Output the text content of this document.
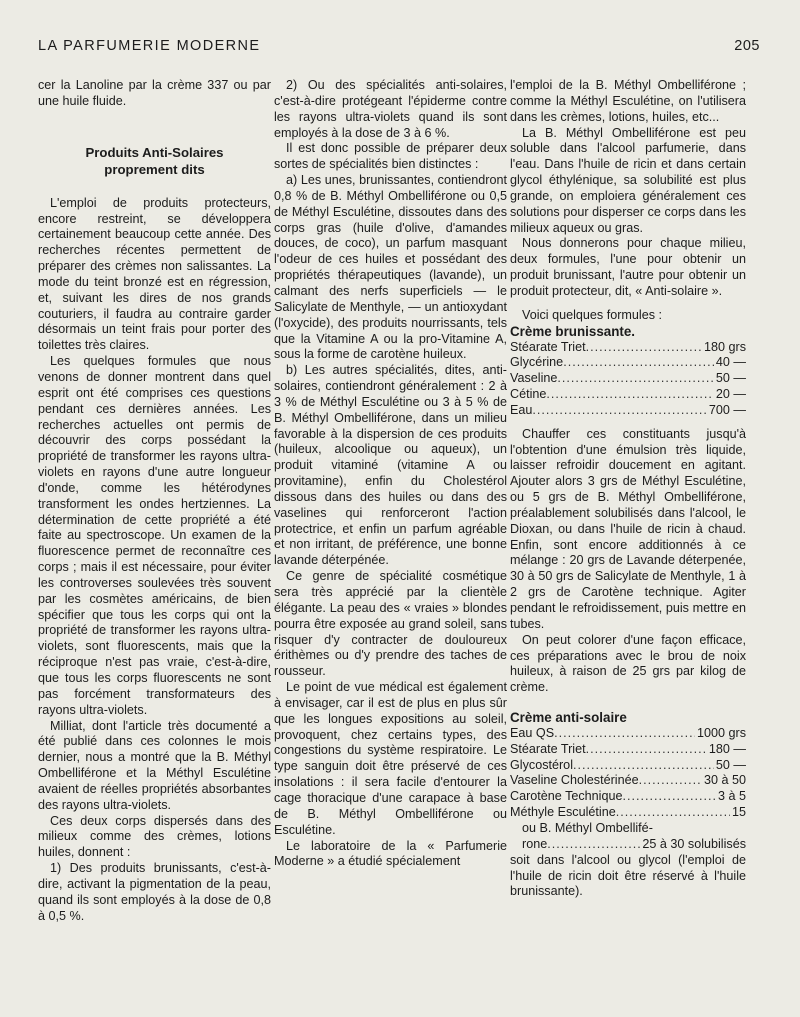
LA PARFUMERIE MODERNE	205

cer la Lanoline par la crème 337 ou par une huile fluide.

Produits Anti-Solaires proprement dits

L'emploi de produits protecteurs, encore restreint, se développera certainement beaucoup cette année. Des recherches récentes permettent de préparer des crèmes non salissantes. La mode du teint bronzé est en régression, et, suivant les dires de nos grands couturiers, il faudra au contraire garder désormais un teint frais pour porter des toilettes très claires.

Les quelques formules que nous venons de donner montrent dans quel esprit ont été comprises ces questions pendant ces dernières années. Les recherches actuelles ont permis de découvrir des corps possédant la propriété de transformer les rayons ultra-violets en rayons d'une autre longueur d'onde, comme les hétérodynes transforment les ondes hertziennes. La détermination de cette propriété a été faite au spectroscope. Un examen de la fluorescence permet de reconnaître ces corps ; mais il est nécessaire, pour éviter les controverses soulevées très souvent par les cosmètes américains, de bien spécifier que tous les corps qui ont la propriété de transformer les rayons ultra-violets, sont fluorescents, mais que la réciproque n'est pas vraie, c'est-à-dire, que tous les corps fluorescents ne sont pas forcément transformateurs des rayons ultra-violets.

Milliat, dont l'article très documenté a été publié dans ces colonnes le mois dernier, nous a montré que la B. Méthyl Ombelliférone et la Méthyl Esculétine avaient de réelles propriétés absorbantes des rayons ultra-violets.

Ces deux corps dispersés dans des milieux comme des crèmes, lotions huiles, donnent :

1) Des produits brunissants, c'est-à-dire, activant la pigmentation de la peau, quand ils sont employés à la dose de 0,8 à 0,5 %.

2) Ou des spécialités anti-solaires, c'est-à-dire protégeant l'épiderme contre les rayons ultra-violets quand ils sont employés à la dose de 3 à 6 %.

Il est donc possible de préparer deux sortes de spécialités bien distinctes :

a) Les unes, brunissantes, contiendront 0,8 % de B. Méthyl Ombelliférone ou 0,5 de Méthyl Esculétine, dissoutes dans des corps gras (huile d'olive, d'amandes douces, de coco), un parfum masquant l'odeur de ces huiles et possédant des propriétés thérapeutiques (lavande), un calmant des nerfs superficiels — le Salicylate de Menthyle, — un antioxydant (l'oxycide), des produits nourrissants, tels que la Vitamine A ou la pro-Vitamine A, sous la forme de carotène huileux.

b) Les autres spécialités, dites, anti-solaires, contiendront généralement : 2 à 3 % de Méthyl Esculétine ou 3 à 5 % de B. Méthyl Ombelliférone, dans un milieu favorable à la dispersion de ces produits (huileux, alcoolique ou aqueux), un produit vitaminé (vitamine A ou provitamine), enfin du Cholestérol dissous dans des huiles ou dans des vaselines qui renforceront l'action protectrice, et enfin un parfum agréable et non irritant, de préférence, une bonne lavande déterpénée.

Ce genre de spécialité cosmétique sera très apprécié par la clientèle élégante. La peau des « vraies » blondes pourra être exposée au grand soleil, sans risquer d'y contracter de douloureux érithèmes ou d'y prendre des taches de rousseur.

Le point de vue médical est également à envisager, car il est de plus en plus sûr que les longues expositions au soleil, provoquent, chez certains types, des congestions du système respiratoire. Le type sanguin doit être préservé de ces insolations : il sera facile d'entourer la cage thoracique d'une carapace à base de B. Méthyl Ombelliférone ou Esculétine.

Le laboratoire de la « Parfumerie Moderne » a étudié spécialement

l'emploi de la B. Méthyl Ombelliférone ; comme la Méthyl Esculétine, on l'utilisera dans les crèmes, lotions, huiles, etc...

La B. Méthyl Ombelliférone est peu soluble dans l'alcool parfumerie, dans l'eau. Dans l'huile de ricin et dans certain glycol éthylénique, sa solubilité est plus grande, on emploiera généralement ces solutions pour disperser ce corps dans les milieux aqueux ou gras.

Nous donnerons pour chaque milieu, deux formules, l'une pour obtenir un produit brunissant, l'autre pour obtenir un produit protecteur, dit, « Anti-solaire ».

Voici quelques formules :

Crème brunissante.

Stéarate Triet .....	180 grs
Glycérine .....	40 —
Vaseline .....	50 —
Cétine .....	20 —
Eau .....	700 —

Chauffer ces constituants jusqu'à l'obtention d'une émulsion très liquide, laisser refroidir doucement en agitant. Ajouter alors 3 grs de Méthyl Esculétine, ou 5 grs de B. Méthyl Ombelliférone, préalablement solubilisés dans l'alcool, le Dioxan, ou dans l'huile de ricin à chaud. Enfin, sont encore additionnés à ce mélange : 20 grs de Lavande déterpenée, 30 à 50 grs de Salicylate de Menthyle, 1 à 2 grs de Carotène technique. Agiter pendant le refroidissement, puis mettre en tubes.

On peut colorer d'une façon efficace, ces préparations avec le brou de noix huileux, à raison de 25 grs par kilog de crème.

Crème anti-solaire

Eau QS .....	1000 grs
Stéarate Triet .....	180 —
Glycostérol .....	50 —
Vaseline Cholestérinée .....	30 à 50
Carotène Technique .....	3 à 5
Méthyle Esculétine .....	15
ou B. Méthyl Ombellifé-
rone .....	25 à 30 solubilisés

soit dans l'alcool ou glycol (l'emploi de l'huile de ricin doit être réservé à l'huile brunissante).
